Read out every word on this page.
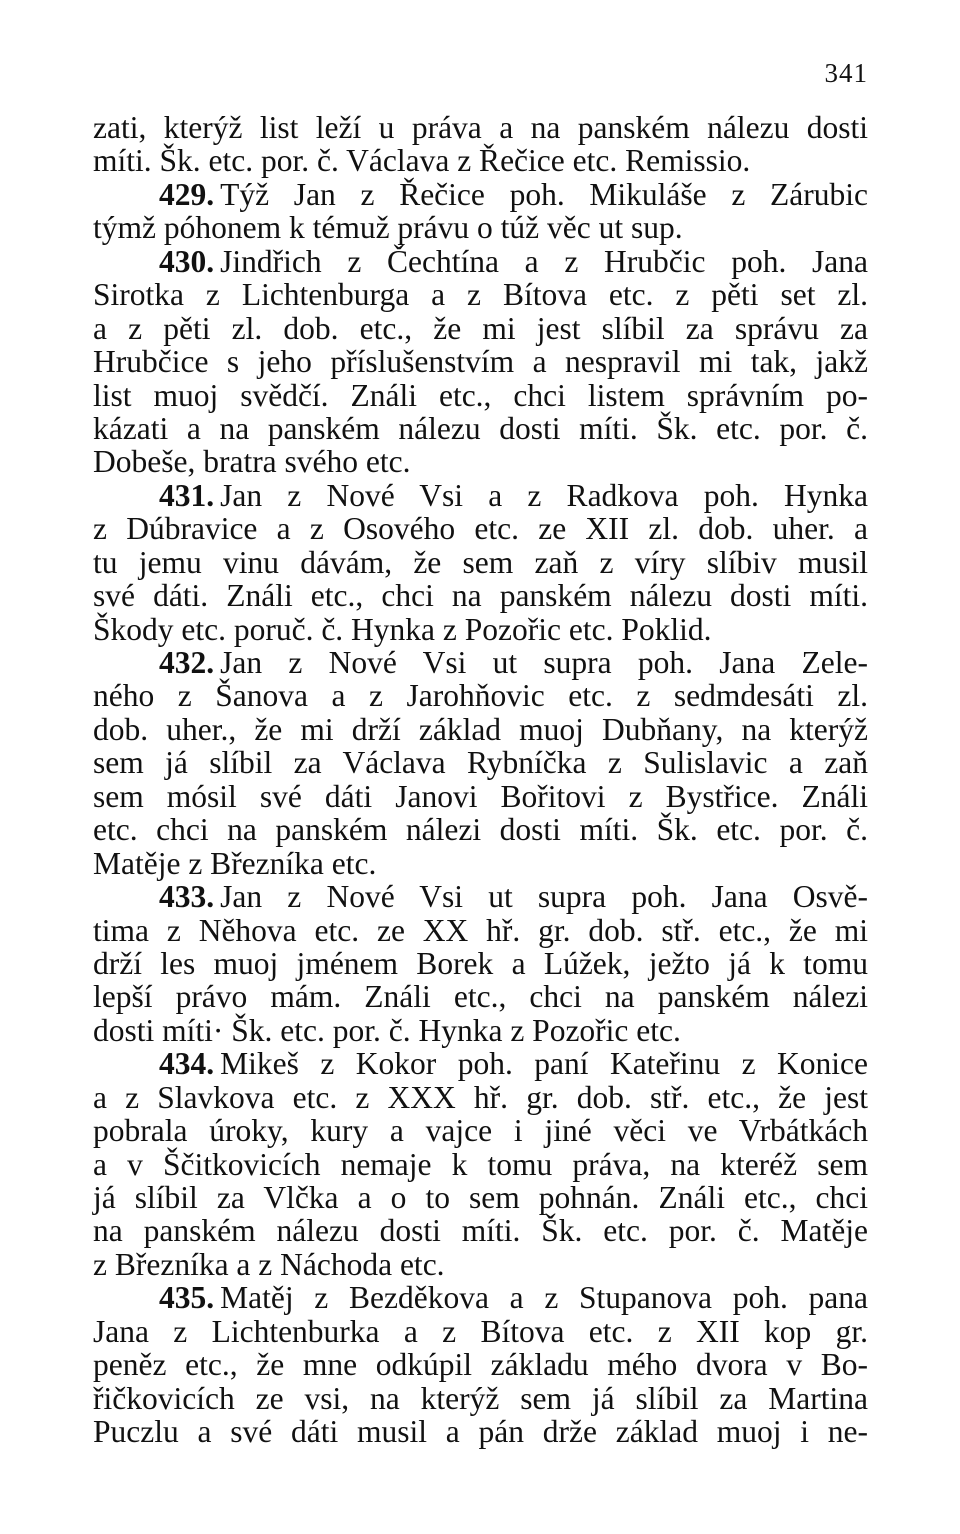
341
zati, kterýž list leží u práva a na panském nálezu dosti
míti. Šk. etc. por. č. Václava z Řečice etc. Remissio.
429. Týž Jan z Řečice poh. Mikuláše z Zárubic
týmž póhonem k témuž právu o túž věc ut sup.
430. Jindřich z Čechtína a z Hrubčic poh. Jana
Sirotka z Lichtenburga a z Bítova etc. z pěti set zl.
a z pěti zl. dob. etc., že mi jest slíbil za správu za
Hrubčice s jeho příslušenstvím a nespravil mi tak, jakž
list muoj svědčí. Ználi etc., chci listem správním po-
kázati a na panském nálezu dosti míti. Šk. etc. por. č.
Dobeše, bratra svého etc.
431. Jan z Nové Vsi a z Radkova poh. Hynka
z Dúbravice a z Osového etc. ze XII zl. dob. uher. a
tu jemu vinu dávám, že sem zaň z víry slíbiv musil
své dáti. Ználi etc., chci na panském nálezu dosti míti.
Škody etc. poruč. č. Hynka z Pozořic etc. Poklid.
432. Jan z Nové Vsi ut supra poh. Jana Zele-
ného z Šanova a z Jarohňovic etc. z sedmdesáti zl.
dob. uher., že mi drží základ muoj Dubňany, na kterýž
sem já slíbil za Václava Rybníčka z Sulislavic a zaň
sem mósil své dáti Janovi Bořitovi z Bystřice. Ználi
etc. chci na panském nálezi dosti míti. Šk. etc. por. č.
Matěje z Březníka etc.
433. Jan z Nové Vsi ut supra poh. Jana Osvě-
tima z Něhova etc. ze XX hř. gr. dob. stř. etc., že mi
drží les muoj jménem Borek a Lúžek, ježto já k tomu
lepší právo mám. Ználi etc., chci na panském nálezi
dosti míti· Šk. etc. por. č. Hynka z Pozořic etc.
434. Mikeš z Kokor poh. paní Kateřinu z Konice
a z Slavkova etc. z XXX hř. gr. dob. stř. etc., že jest
pobrala úroky, kury a vajce i jiné věci ve Vrbátkách
a v Ščitkovicích nemaje k tomu práva, na kteréž sem
já slíbil za Vlčka a o to sem pohnán. Ználi etc., chci
na panském nálezu dosti míti. Šk. etc. por. č. Matěje
z Březníka a z Náchoda etc.
435. Matěj z Bezděkova a z Stupanova poh. pana
Jana z Lichtenburka a z Bítova etc. z XII kop gr.
peněz etc., že mne odkúpil základu mého dvora v Bo-
řičkovicích ze vsi, na kterýž sem já slíbil za Martina
Puczlu a své dáti musil a pán drže základ muoj i ne-
